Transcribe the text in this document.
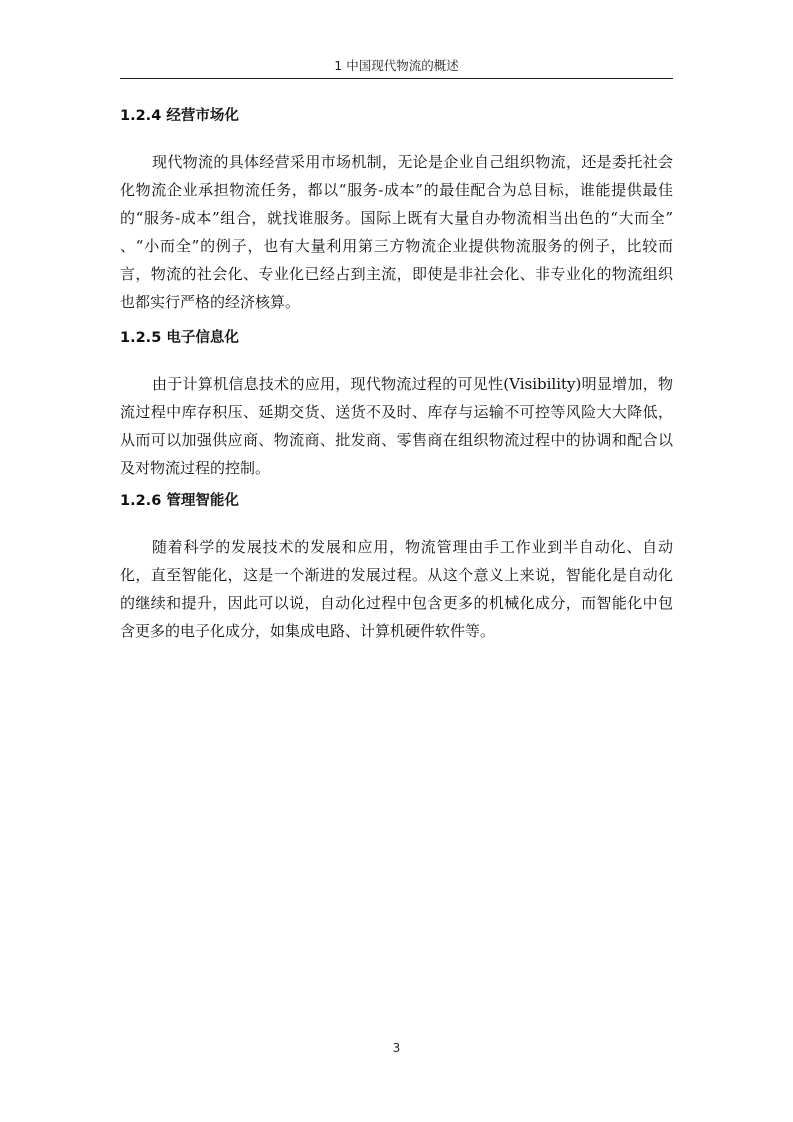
1 中国现代物流的概述
1.2.4 经营市场化
现代物流的具体经营采用市场机制，无论是企业自己组织物流，还是委托社会化物流企业承担物流任务，都以“服务-成本”的最佳配合为总目标，谁能提供最佳的“服务-成本”组合，就找谁服务。国际上既有大量自办物流相当出色的“大而全” 、“小而全”的例子，也有大量利用第三方物流企业提供物流服务的例子，比较而言，物流的社会化、专业化已经占到主流，即使是非社会化、非专业化的物流组织也都实行严格的经济核算。
1.2.5 电子信息化
由于计算机信息技术的应用，现代物流过程的可见性(Visibility)明显增加，物流过程中库存积压、延期交货、送货不及时、库存与运输不可控等风险大大降低，从而可以加强供应商、物流商、批发商、零售商在组织物流过程中的协调和配合以及对物流过程的控制。
1.2.6 管理智能化
随着科学的发展技术的发展和应用，物流管理由手工作业到半自动化、自动化，直至智能化，这是一个渐进的发展过程。从这个意义上来说，智能化是自动化的继续和提升，因此可以说，自动化过程中包含更多的机械化成分，而智能化中包含更多的电子化成分，如集成电路、计算机硬件软件等。
3
